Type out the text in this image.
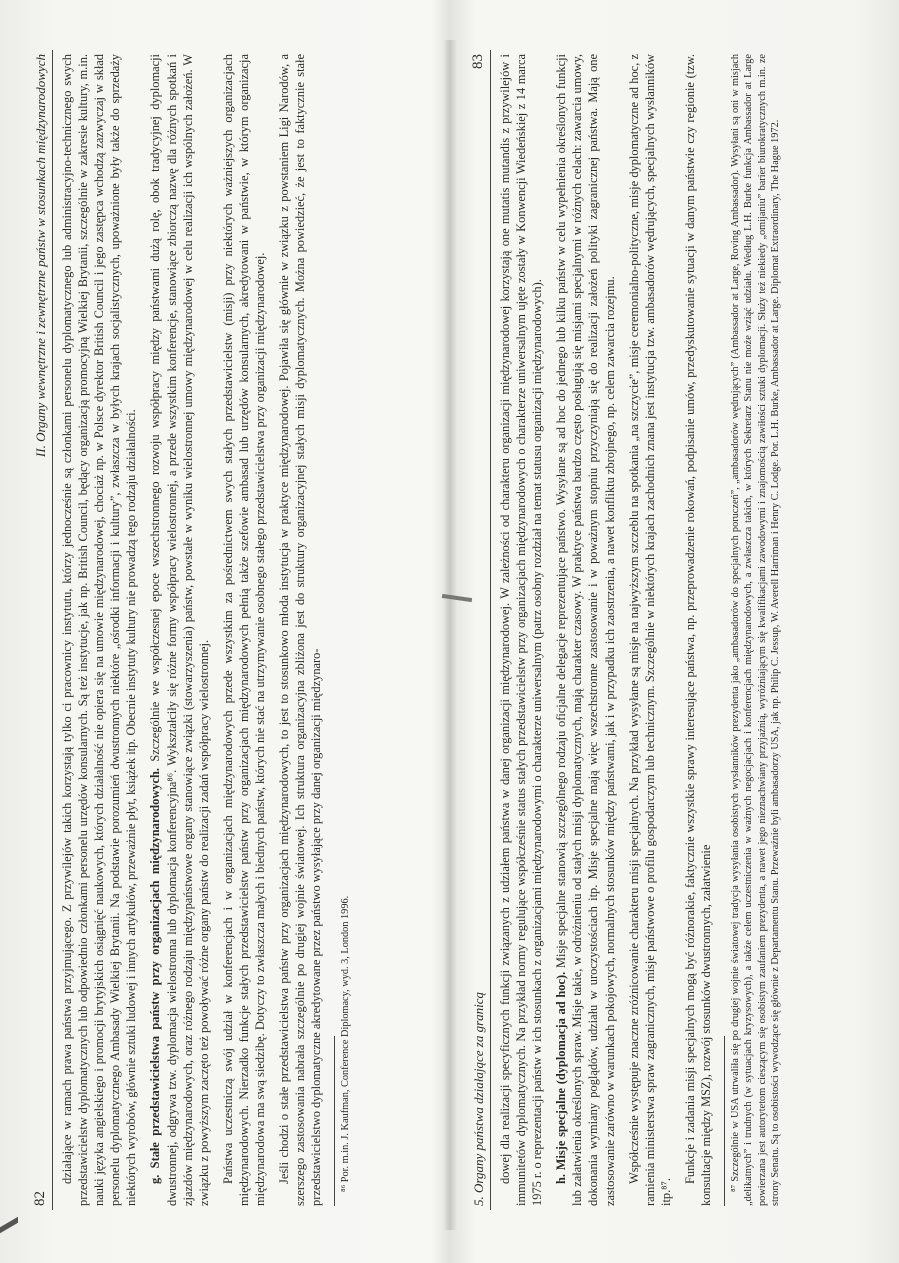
5. Organy państwa działające za granicą
83 dowej dla realizacji specyficznych funkcji związanych z udziałem państwa w danej organizacji międzynarodowej. W zależności od charakteru organizacji międzynarodowej korzystają one mutatis mutandis z przywilejów i immunitetów dyplomatycznych. Na przykład normy regulujące współcześnie status stałych przedstawicielstw przy organizacjach międzynarodowych o charakterze uniwersalnym ujęte zostały w Konwencji Wiedeńskiej z 14 marca 1975 r. o reprezentacji państw w ich stosunkach z organizacjami międzynarodowymi o charakterze uniwersalnym (patrz osobny rozdział na temat statusu organizacji międzynarodowych). h. Misje specjalne (dyplomacja ad hoc). Misje specjalne stanowią szczególnego rodzaju oficjalne delegacje reprezentujące państwo. Wysyłane są ad hoc do jednego lub kilku państw w celu wypełnienia określonych funkcji lub załatwienia określonych spraw. Misje takie, w odróżnieniu od stałych misji dyplomatycznych, mają charakter czasowy. W praktyce państwa bardzo często posługują się misjami specjalnymi w różnych celach: zawarcia umowy, dokonania wymiany poglądów, udziału w uroczystościach itp. Misje specjalne mają więc wszechstronne zastosowanie i w poważnym stopniu przyczyniają się do realizacji założeń polityki zagranicznej państwa. Mają one zastosowanie zarówno w warunkach pokojowych, normalnych stosunków między państwami, jak i w przypadku ich zaostrzenia, a nawet konfliktu zbrojnego, np. celem zawarcia rozejmu. Współcześnie występuje znaczne zróżnicowanie charakteru misji specjalnych. Na przykład wysyłane są misje na najwyższym szczeblu na spotkania „na szczycie”, misje ceremonialno-polityczne, misje dyplomatyczne ad hoc, z ramienia ministerstwa spraw zagranicznych, misje państwowe o profilu gospodarczym lub technicznym. Szczególnie w niektórych krajach zachodnich znana jest instytucja tzw. ambasadorów wędrujących, specjalnych wysłanników itp.⁸⁷.

Funkcje i zadania misji specjalnych mogą być różnorakie, faktycznie wszystkie sprawy interesujące państwa, np. przeprowadzenie rokowań, podpisanie umów, przedyskutowanie sytuacji w danym państwie czy regionie (tzw. konsultacje między MSZ), rozwój stosunków dwustronnych, załatwienie ⁸⁷ Szczególnie w USA utrwaliła się po drugiej wojnie światowej tradycja wysyłania osobistych wysłanników prezydenta jako „ambasadorów do specjalnych poruczeń”, „ambasadorów wędrujących” (Ambassador at Large, Roving Ambassador). Wysyłani są oni w misjach „delikatnych” i trudnych (w sytuacjach kryzysowych), a także celem uczestniczenia w ważnych negocjacjach i konferencjach międzynarodowych, a zwłaszcza takich, w których Sekretarz Stanu nie może wziąć udziału. Według L.H. Burke funkcja Ambassador at Large powierzana jest autorytetom cieszącym się osobistym zaufaniem prezydenta, a nawet jego nieznachwiany przyjaźnią, wyróżniającym się kwalifikacjami zawodowymi i znajomością zawiłości sztuki dyplomacji. Służy też niekiedy „omijaniu” barier biurokratycznych m.in. ze strony Senatu. Są to osobistości wywodzące się głównie z Departamentu Stanu. Przewaźnie byli ambasadorzy USA, jak np. Philip C. Jessup, W. Averell Harriman i Henry C. Lodge. Por. L.H. Burke, Ambassador at Large. Diplomat Extraordinary, The Hague 1972.
82
II. Organy wewnętrzne i zewnętrzne państw w stosunkach międzynarodowych działające w ramach prawa państwa przyjmującego. Z przywilejów takich korzystają tylko ci pracownicy instytutu, którzy jednocześnie są członkami personelu dyplomatycznego lub administracyjno-technicznego swych przedstawicielstw dyplomatycznych lub odpowiednio członkami personelu urzędów konsularnych. Są też instytucje, jak np. British Council, będący organizacją promocyjną Wielkiej Brytanii, szczególnie w zakresie kultury, m.in. nauki języka angielskiego i promocji brytyjskich osiągnięć naukowych, których działalność nie opiera się na umowie międzynarodowej, chociaż np. w Polsce dyrektor British Council i jego zastępca wchodzą zazwyczaj w skład personelu dyplomatycznego Ambasady Wielkiej Brytanii. Na podstawie porozumień dwustronnych niektóre „ośrodki informacji i kultury”, zwłaszcza w byłych krajach socjalistycznych, upoważnione były także do sprzedaży niektórych wyrobów, głównie sztuki ludowej i innych artykułów, przeważnie płyt, książek itp. Obecnie instytuty kultury nie prowadzą tego rodzaju działalności. g. Stałe przedstawicielstwa państw przy organizacjach międzynarodowych. Szczególnie we współczesnej epoce wszechstronnego rozwoju współpracy między państwami dużą rolę, obok tradycyjnej dyplomacji dwustronnej, odgrywa tzw. dyplomacja wielostronna lub dyplomacja konferencyjna⁸⁶. Wykształciły się różne formy współpracy wielostronnej, a przede wszystkim konferencje, stanowiące zbiorczą nazwę dla różnych spotkań i zjazdów międzynarodowych, oraz różnego rodzaju międzypaństwowe organy stanowiące związki (stowarzyszenia) państw, powstałe w wyniku wielostronnej umowy międzynarodowej w celu realizacji ich wspólnych założeń. W związku z powyższym zaczęto też powoływać różne organy państw do realizacji zadań współpracy wielostronnej. Państwa uczestniczą swój udział w konferencjach i w organizacjach międzynarodowych przede wszystkim za pośrednictwem swych stałych przedstawicielstw (misji) przy niektórych ważniejszych organizacjach międzynarodowych. Nierzadko funkcje stałych przedstawicielstw państw przy organizacjach międzynarodowych pełnią także szefowie ambasad lub urzędów konsularnych, akredytowani w państwie, w którym organizacja międzynarodowa ma swą siedzibę. Dotyczy to zwłaszcza małych i biednych państw, których nie stać na utrzymywanie osobnego stałego przedstawicielstwa przy organizacji międzynarodowej. Jeśli chodzi o stałe przedstawicielstwa państw przy organizacjach międzynarodowych, to jest to stosunkowo młoda instytucja w praktyce międzynarodowej. Pojawiła się głównie w związku z powstaniem Ligi Narodów, a szerszego zastosowania nabrała szczególnie po drugiej wojnie światowej. Ich struktura organizacyjna zbliżona jest do struktury organizacyjnej stałych misji dyplomatycznych. Można powiedzieć, że jest to faktycznie stałe przedstawicielstwo dyplomatyczne akredytowane przez państwo wysyłające przy danej organizacji międzynaro- ⁸⁶ Por. m.in. J. Kaufman, Conference Diplomacy, wyd. 3, London 1996.
